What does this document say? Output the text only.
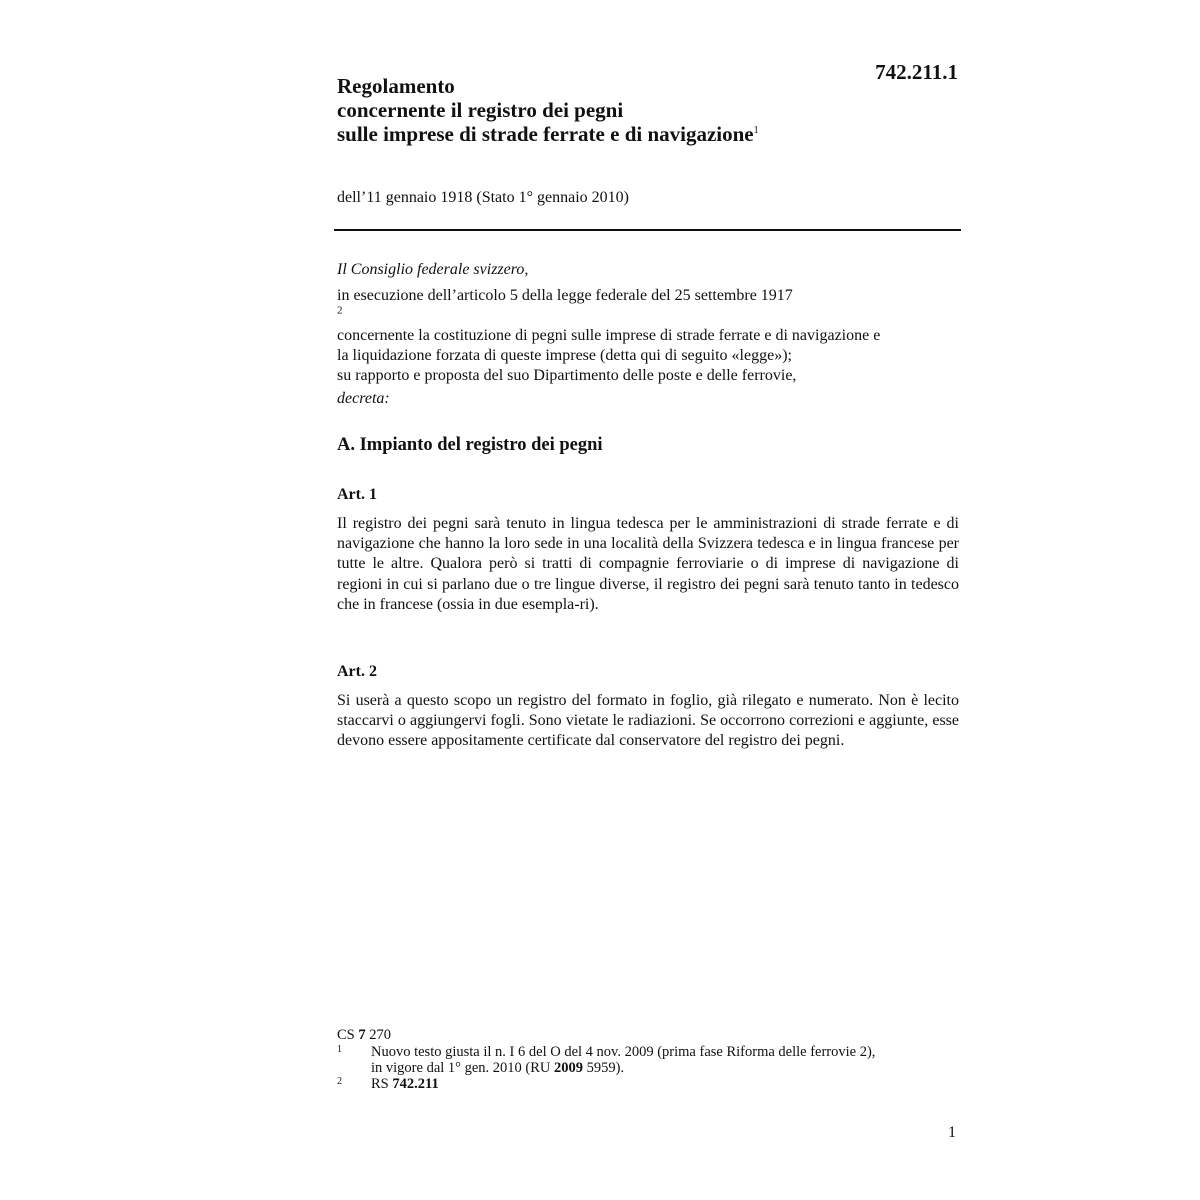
742.211.1
Regolamento
concernente il registro dei pegni
sulle imprese di strade ferrate e di navigazione$^1$
dell’11 gennaio 1918 (Stato 1° gennaio 2010)
Il Consiglio federale svizzero,
in esecuzione dell’articolo 5 della legge federale del 25 settembre 1917
$^2$
concernente la costituzione di pegni sulle imprese di strade ferrate e di navigazione e
la liquidazione forzata di queste imprese (detta qui di seguito «legge»);
su rapporto e proposta del suo Dipartimento delle poste e delle ferrovie,
decreta:
A. Impianto del registro dei pegni
Art. 1
Il registro dei pegni sarà tenuto in lingua tedesca per le amministrazioni di strade ferrate e di navigazione che hanno la loro sede in una località della Svizzera tedesca e in lingua francese per tutte le altre. Qualora però si tratti di compagnie ferroviarie o di imprese di navigazione di regioni in cui si parlano due o tre lingue diverse, il registro dei pegni sarà tenuto tanto in tedesco che in francese (ossia in due esempla-ri).
Art. 2
Si userà a questo scopo un registro del formato in foglio, già rilegato e numerato. Non è lecito staccarvi o aggiungervi fogli. Sono vietate le radiazioni. Se occorrono correzioni e aggiunte, esse devono essere appositamente certificate dal conservatore del registro dei pegni.
CS 7 270
1 Nuovo testo giusta il n. I 6 del O del 4 nov. 2009 (prima fase Riforma delle ferrovie 2),
in vigore dal 1° gen. 2010 (RU 2009 5959).
2 RS 742.211
1
